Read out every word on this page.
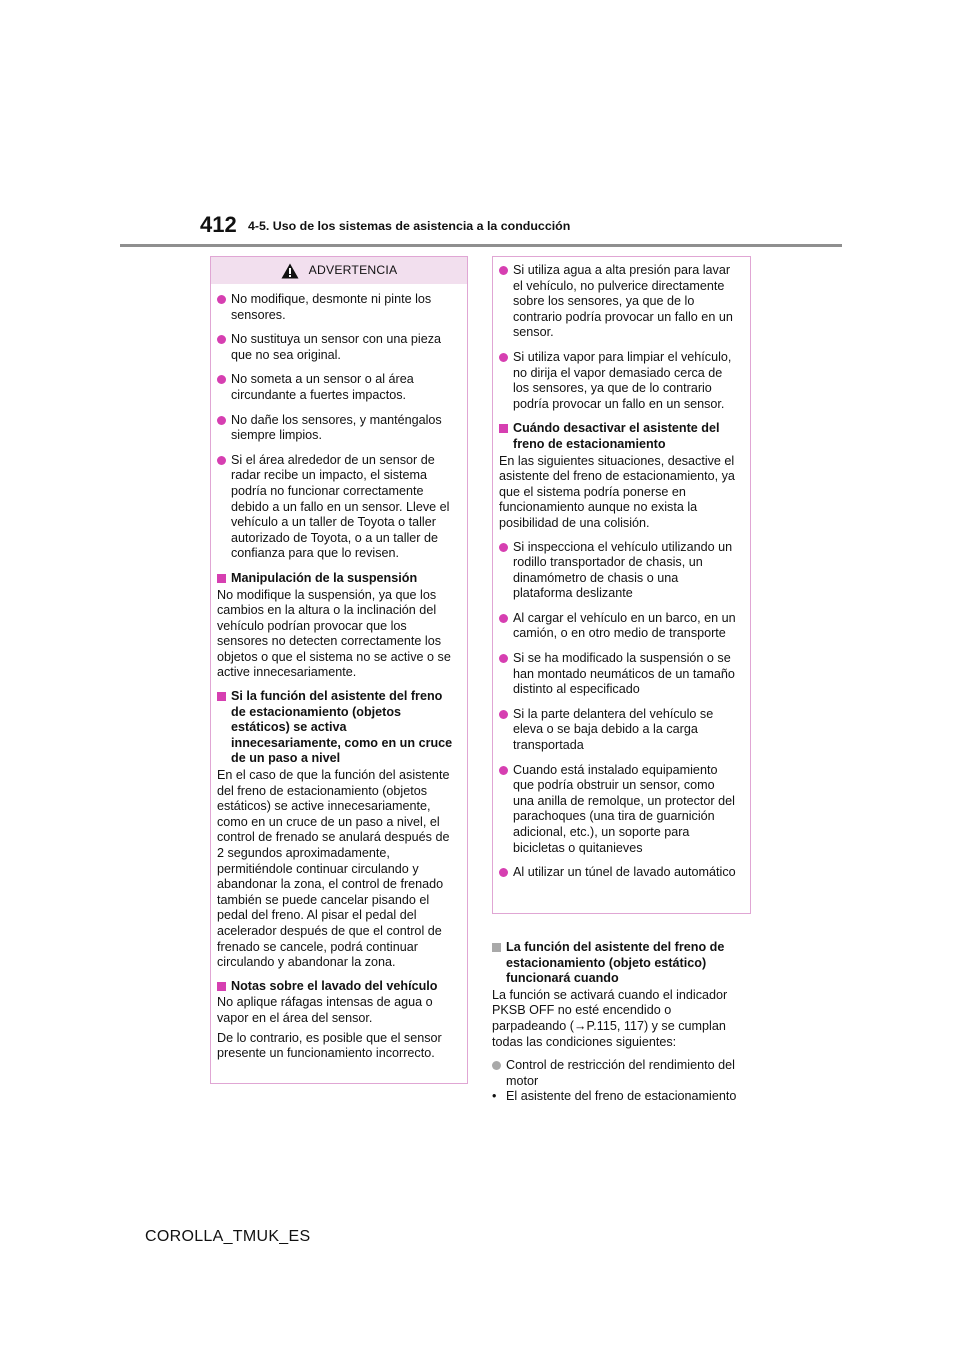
412 4-5. Uso de los sistemas de asistencia a la conducción
ADVERTENCIA
No modifique, desmonte ni pinte los sensores.
No sustituya un sensor con una pieza que no sea original.
No someta a un sensor o al área circundante a fuertes impactos.
No dañe los sensores, y manténgalos siempre limpios.
Si el área alrededor de un sensor de radar recibe un impacto, el sistema podría no funcionar correctamente debido a un fallo en un sensor. Lleve el vehículo a un taller de Toyota o taller autorizado de Toyota, o a un taller de confianza para que lo revisen.
Manipulación de la suspensión
No modifique la suspensión, ya que los cambios en la altura o la inclinación del vehículo podrían provocar que los sensores no detecten correctamente los objetos o que el sistema no se active o se active innecesariamente.
Si la función del asistente del freno de estacionamiento (objetos estáticos) se activa innecesariamente, como en un cruce de un paso a nivel
En el caso de que la función del asistente del freno de estacionamiento (objetos estáticos) se active innecesariamente, como en un cruce de un paso a nivel, el control de frenado se anulará después de 2 segundos aproximadamente, permitiéndole continuar circulando y abandonar la zona, el control de frenado también se puede cancelar pisando el pedal del freno. Al pisar el pedal del acelerador después de que el control de frenado se cancele, podrá continuar circulando y abandonar la zona.
Notas sobre el lavado del vehículo
No aplique ráfagas intensas de agua o vapor en el área del sensor.
De lo contrario, es posible que el sensor presente un funcionamiento incorrecto.
Si utiliza agua a alta presión para lavar el vehículo, no pulverice directamente sobre los sensores, ya que de lo contrario podría provocar un fallo en un sensor.
Si utiliza vapor para limpiar el vehículo, no dirija el vapor demasiado cerca de los sensores, ya que de lo contrario podría provocar un fallo en un sensor.
Cuándo desactivar el asistente del freno de estacionamiento
En las siguientes situaciones, desactive el asistente del freno de estacionamiento, ya que el sistema podría ponerse en funcionamiento aunque no exista la posibilidad de una colisión.
Si inspecciona el vehículo utilizando un rodillo transportador de chasis, un dinamómetro de chasis o una plataforma deslizante
Al cargar el vehículo en un barco, en un camión, o en otro medio de transporte
Si se ha modificado la suspensión o se han montado neumáticos de un tamaño distinto al especificado
Si la parte delantera del vehículo se eleva o se baja debido a la carga transportada
Cuando está instalado equipamiento que podría obstruir un sensor, como una anilla de remolque, un protector del parachoques (una tira de guarnición adicional, etc.), un soporte para bicicletas o quitanieves
Al utilizar un túnel de lavado automático
La función del asistente del freno de estacionamiento (objeto estático) funcionará cuando
La función se activará cuando el indicador PKSB OFF no esté encendido o parpadeando (→P.115, 117) y se cumplan todas las condiciones siguientes:
Control de restricción del rendimiento del motor
• El asistente del freno de estacionamiento
COROLLA_TMUK_ES
